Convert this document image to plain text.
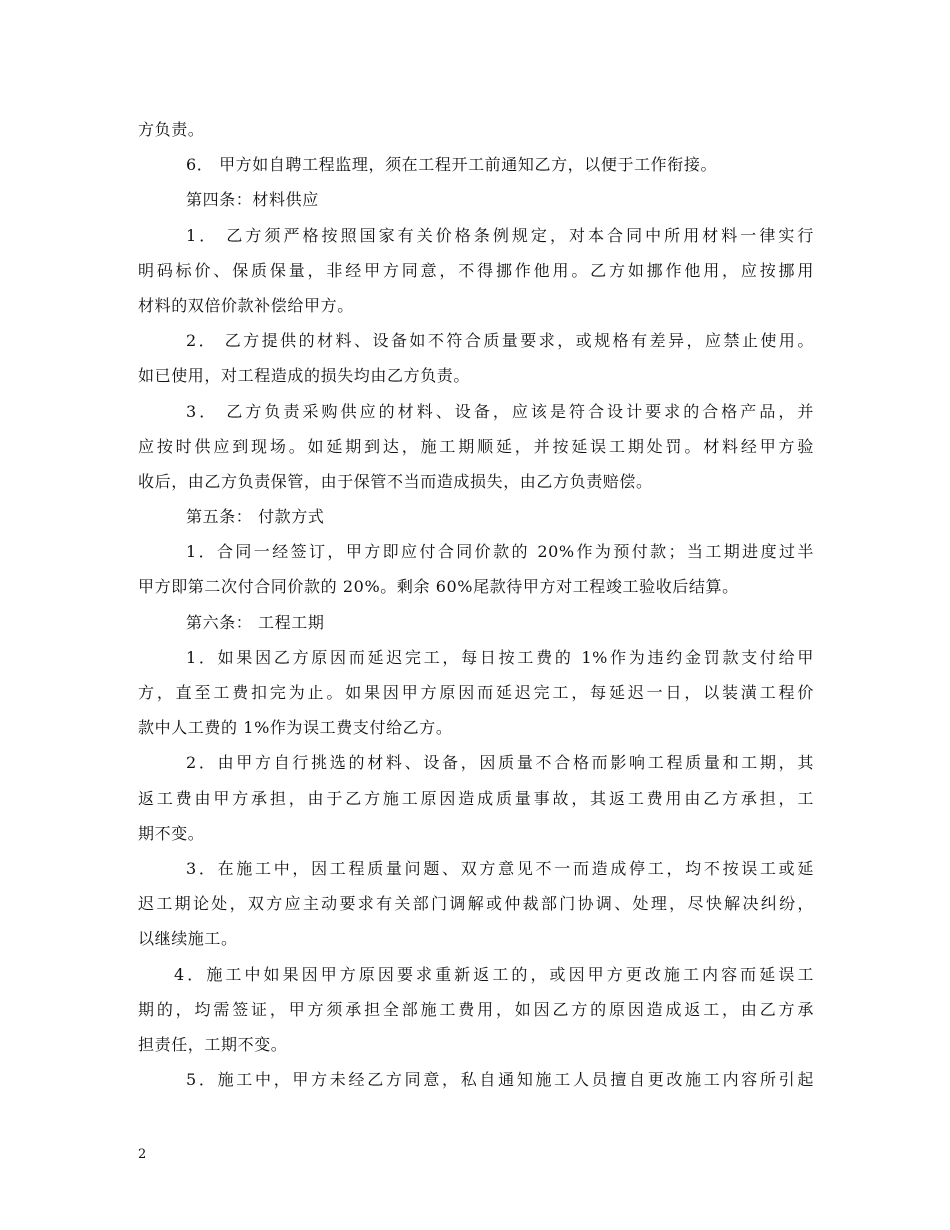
方负责。
6． 甲方如自聘工程监理，须在工程开工前通知乙方，以便于工作衔接。
第四条：材料供应
1． 乙方须严格按照国家有关价格条例规定，对本合同中所用材料一律实行
明码标价、保质保量，非经甲方同意，不得挪作他用。乙方如挪作他用，应按挪用
材料的双倍价款补偿给甲方。
2． 乙方提供的材料、设备如不符合质量要求，或规格有差异，应禁止使用。
如已使用，对工程造成的损失均由乙方负责。
3． 乙方负责采购供应的材料、设备，应该是符合设计要求的合格产品，并
应按时供应到现场。如延期到达，施工期顺延，并按延误工期处罚。材料经甲方验
收后，由乙方负责保管，由于保管不当而造成损失，由乙方负责赔偿。
第五条： 付款方式
1．合同一经签订，甲方即应付合同价款的 20%作为预付款；当工期进度过半
甲方即第二次付合同价款的 20%。剩余 60%尾款待甲方对工程竣工验收后结算。
第六条： 工程工期
1．如果因乙方原因而延迟完工，每日按工费的 1%作为违约金罚款支付给甲
方，直至工费扣完为止。如果因甲方原因而延迟完工，每延迟一日，以装潢工程价
款中人工费的 1%作为误工费支付给乙方。
2．由甲方自行挑选的材料、设备，因质量不合格而影响工程质量和工期，其
返工费由甲方承担，由于乙方施工原因造成质量事故，其返工费用由乙方承担，工
期不变。
3．在施工中，因工程质量问题、双方意见不一而造成停工，均不按误工或延
迟工期论处，双方应主动要求有关部门调解或仲裁部门协调、处理，尽快解决纠纷，
以继续施工。
4．施工中如果因甲方原因要求重新返工的，或因甲方更改施工内容而延误工
期的，均需签证，甲方须承担全部施工费用，如因乙方的原因造成返工，由乙方承
担责任，工期不变。
5．施工中，甲方未经乙方同意，私自通知施工人员擅自更改施工内容所引起
2
